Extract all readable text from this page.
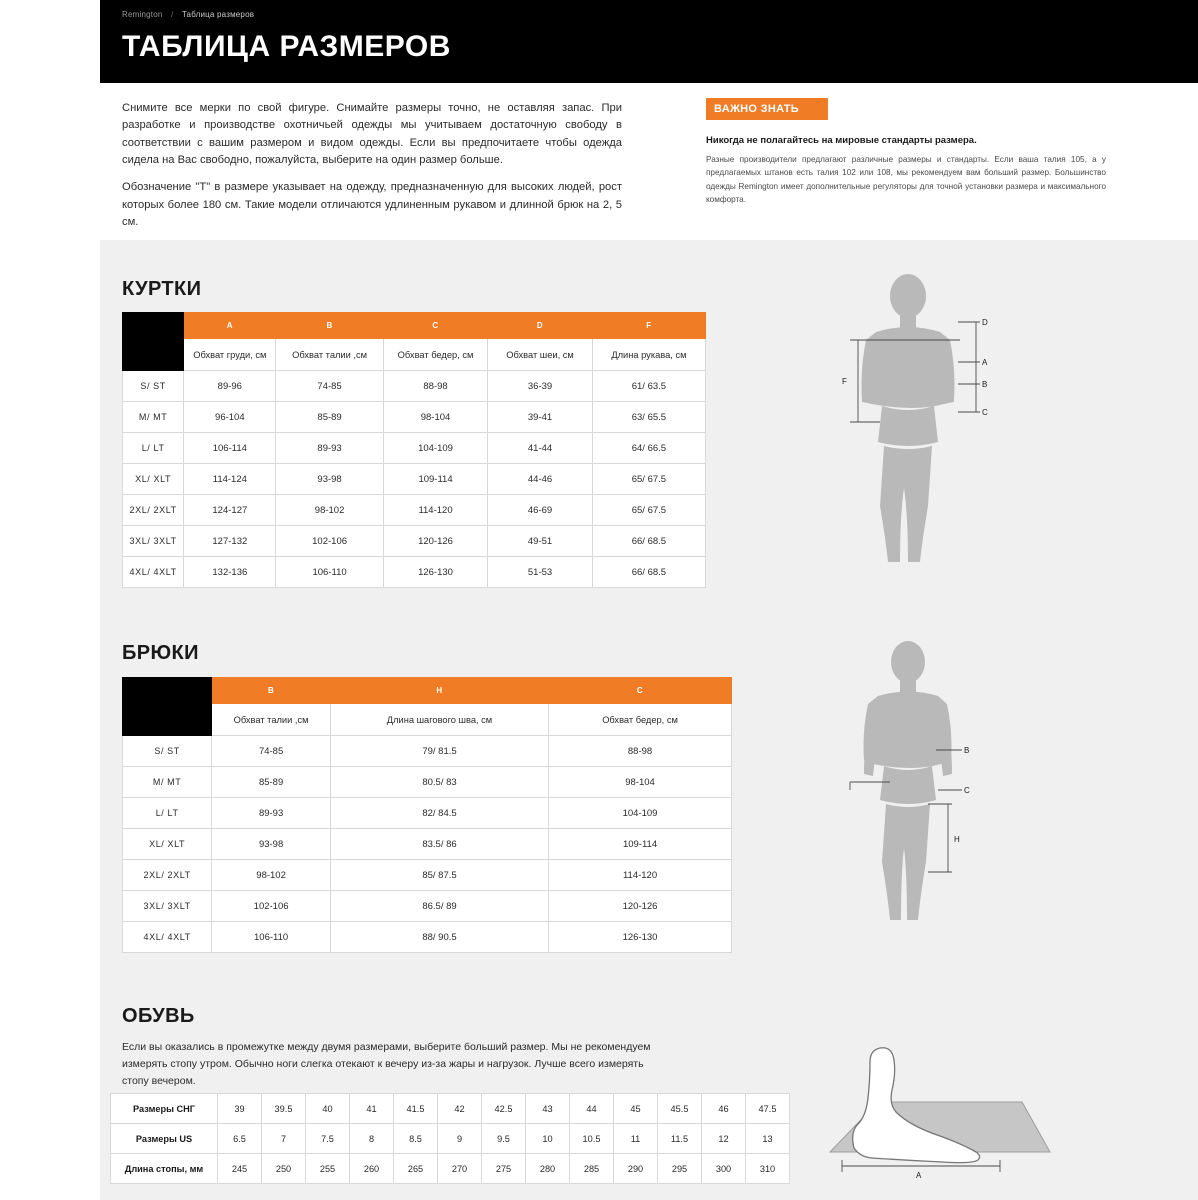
Remington / Таблица размеров
ТАБЛИЦА РАЗМЕРОВ

Снимите все мерки по свой фигуре. Снимайте размеры точно, не оставляя запас. При разработке и производстве охотничьей одежды мы учитываем достаточную свободу в соответствии с вашим размером и видом одежды. Если вы предпочитаете чтобы одежда сидела на Вас свободно, пожалуйста, выберите на один размер больше.

Обозначение "Т" в размере указывает на одежду, предназначенную для высоких людей, рост которых более 180 см. Такие модели отличаются удлиненным рукавом и длинной брюк на 2, 5 см.

ВАЖНО ЗНАТЬ
Никогда не полагайтесь на мировые стандарты размера.
Разные производители предлагают различные размеры и стандарты. Если ваша талия 105, а у предлагаемых штанов есть талия 102 или 108, мы рекомендуем вам больший размер. Большинство одежды Remington имеет дополнительные регуляторы для точной установки размера и максимального комфорта.
КУРТКИ
	A	B	C	D	F
	Обхват груди, см	Обхват талии ,см	Обхват бедер, см	Обхват шеи, см	Длина рукава, см
S/ ST	89-96	74-85	88-98	36-39	61/ 63.5
M/ MT	96-104	85-89	98-104	39-41	63/ 65.5
L/ LT	106-114	89-93	104-109	41-44	64/ 66.5
XL/ XLT	114-124	93-98	109-114	44-46	65/ 67.5
2XL/ 2XLT	124-127	98-102	114-120	46-69	65/ 67.5
3XL/ 3XLT	127-132	102-106	120-126	49-51	66/ 68.5
4XL/ 4XLT	132-136	106-110	126-130	51-53	66/ 68.5
D
A
B
C
F
БРЮКИ
	B	H	C
	Обхват талии ,см	Длина шагового шва, см	Обхват бедер, см
S/ ST	74-85	79/ 81.5	88-98
M/ MT	85-89	80.5/ 83	98-104
L/ LT	89-93	82/ 84.5	104-109
XL/ XLT	93-98	83.5/ 86	109-114
2XL/ 2XLT	98-102	85/ 87.5	114-120
3XL/ 3XLT	102-106	86.5/ 89	120-126
4XL/ 4XLT	106-110	88/ 90.5	126-130
B
C
H
ОБУВЬ
Если вы оказались в промежутке между двумя размерами, выберите больший размер. Мы не рекомендуем измерять стопу утром. Обычно ноги слегка отекают к вечеру из-за жары и нагрузок. Лучше всего измерять стопу вечером.
Размеры СНГ	39	39.5	40	41	41.5	42	42.5	43	44	45	45.5	46	47.5
Размеры US	6.5	7	7.5	8	8.5	9	9.5	10	10.5	11	11.5	12	13
Длина стопы, мм	245	250	255	260	265	270	275	280	285	290	295	300	310
A
